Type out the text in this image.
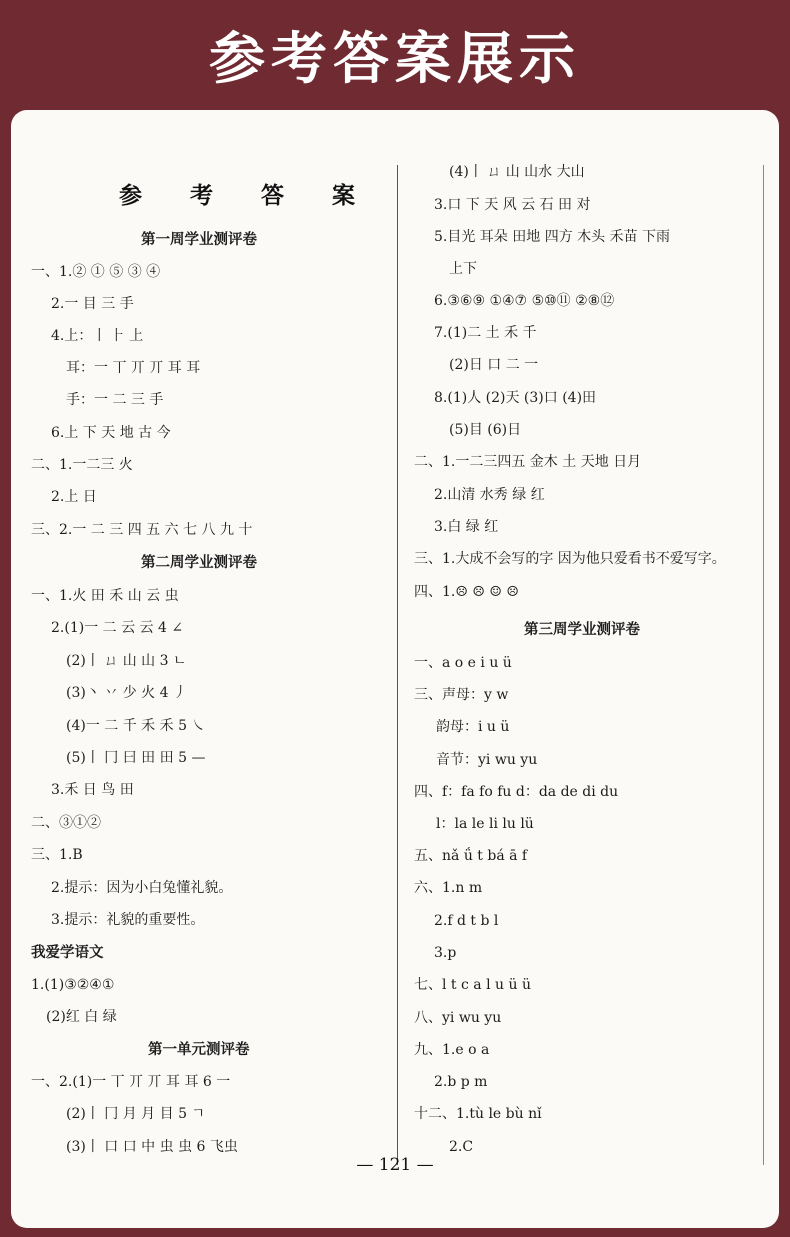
参考答案展示
参 考 答 案
第一周学业测评卷
一、1.② ① ⑤ ③ ④
2.一 目 三 手
4.上：丨 ⺊ 上
耳：一 丅 丌 丌 耳 耳
手：一 二 三 手
6.上 下 天 地 古 今
二、1.一二三 火
2.上 日
三、2.一 二 三 四 五 六 七 八 九 十
第二周学业测评卷
一、1.火 田 禾 山 云 虫
2.(1)一 二 云 云 4 ∠
(2)丨 ㄩ 山 山 3 ㄴ
(3)丶 丷 少 火 4 丿
(4)一 二 千 禾 禾 5 ㇏
(5)丨 冂 曰 田 田 5 —
3.禾 日 鸟 田
二、③①②
三、1.B
2.提示：因为小白兔懂礼貌。
3.提示：礼貌的重要性。
我爱学语文
1.(1)③②④①
(2)红 白 绿
第一单元测评卷
一、2.(1)一 丅 丌 丌 耳 耳 6 一
(2)丨 冂 月 月 目 5 ㄱ
(3)丨 口 口 中 虫 虫 6 飞虫
(4)丨 ㄩ 山 山水 大山
3.口 下 天 风 云 石 田 对
5.目光 耳朵 田地 四方 木头 禾苗 下雨
上下
6.③⑥⑨ ①④⑦ ⑤⑩⑪ ②⑧⑫
7.(1)二 土 禾 千
(2)日 口 二 一
8.(1)人 (2)天 (3)口 (4)田
(5)目 (6)日
二、1.一二三四五 金木 土 天地 日月
2.山清 水秀 绿 红
3.白 绿 红
三、1.大成不会写的字 因为他只爱看书不爱写字。
四、1.☹ ☹ ☺ ☹
第三周学业测评卷
一、a o e i u ü
三、声母：y w
韵母：i u ü
音节：yi wu yu
四、f：fa fo fu d：da de di du
l：la le li lu lü
五、nǎ ǘ t bá ā f
六、1.n m
2.f d t b l
3.p
七、l t c a l u ü ü
八、yi wu yu
九、1.e o a
2.b p m
十二、1.tù le bù nǐ
2.C
— 121 —
